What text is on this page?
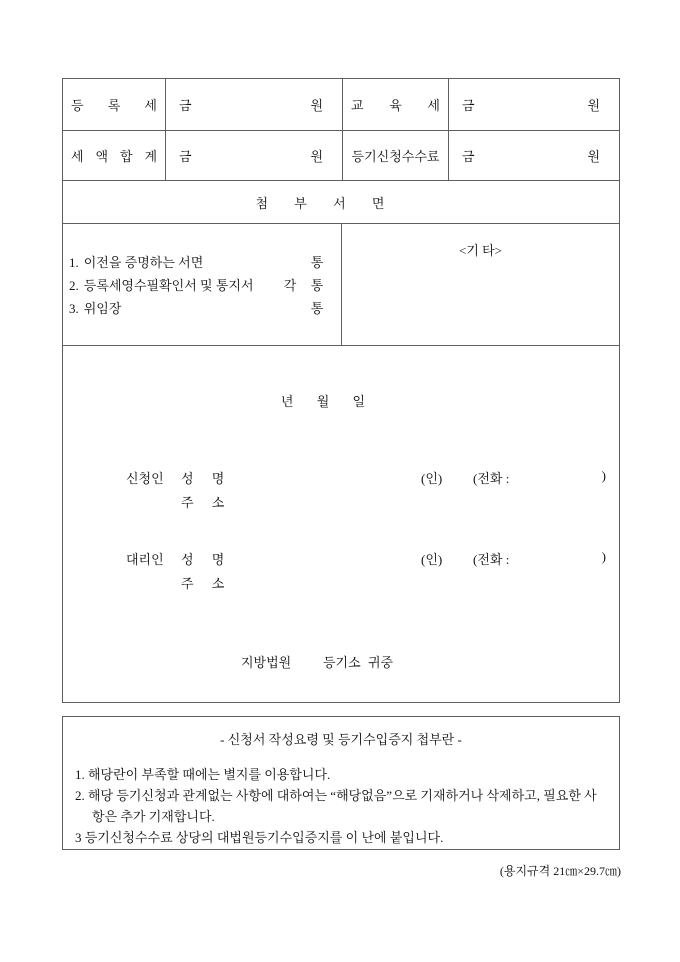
등 록 세	금	원	교 육 세	금	원
세 액 합 계	금	원	등기신청수수료	금	원
첨 부 서 면
1. 이전을 증명하는 서면	통
2. 등록세영수필확인서 및 통지서	각	통
3. 위임장	통
<기 타>
년 월 일
신청인 성 명	(인) (전화 :	)
주 소
대리인 성 명	(인) (전화 :	)
주 소
지방법원 등기소 귀중
- 신청서 작성요령 및 등기수입증지 첩부란 -
1. 해당란이 부족할 때에는 별지를 이용합니다.
2. 해당 등기신청과 관계없는 사항에 대하여는 “해당없음”으로 기재하거나 삭제하고, 필요한 사항은 추가 기재합니다.
3 등기신청수수료 상당의 대법원등기수입증지를 이 난에 붙입니다.
(용지규격 21㎝×29.7㎝)
